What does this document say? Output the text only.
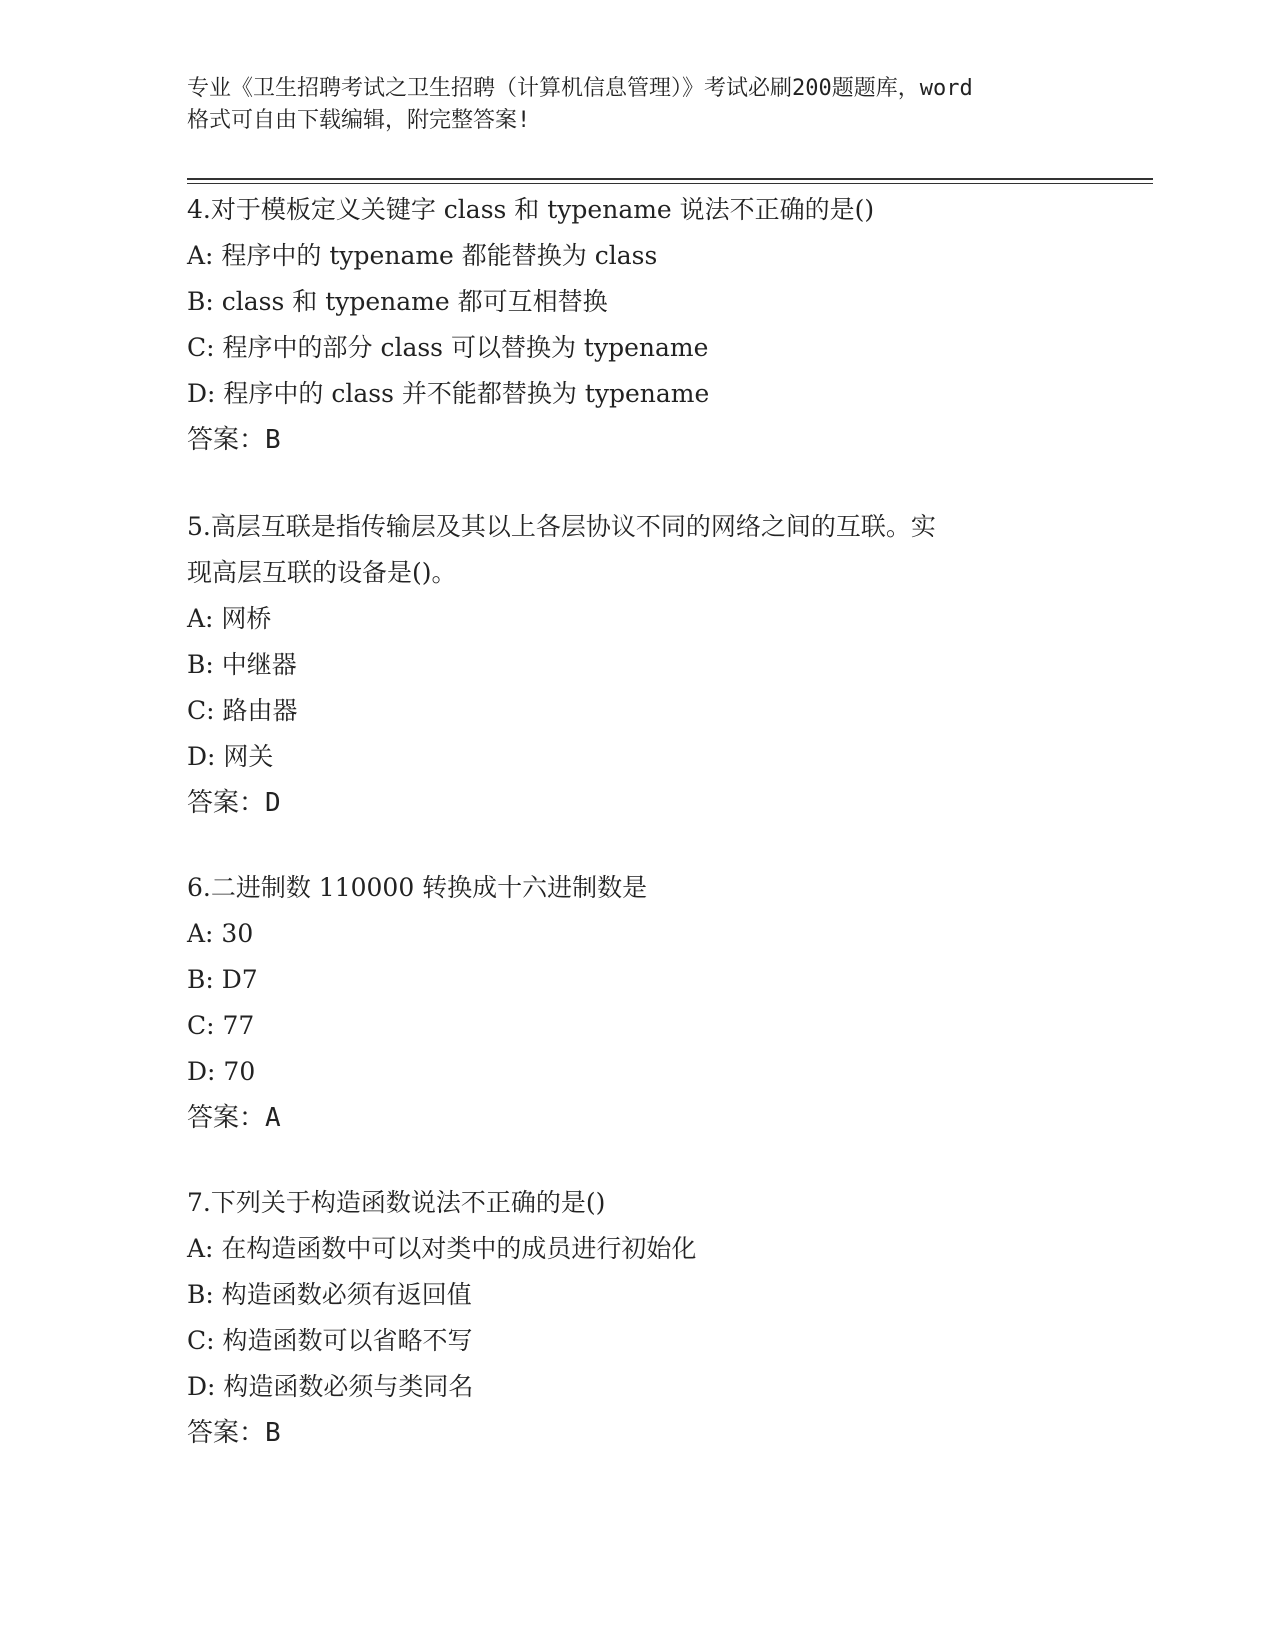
专业《卫生招聘考试之卫生招聘（计算机信息管理）》考试必刷200题题库，word
格式可自由下载编辑，附完整答案!
4.对于模板定义关键字 class 和 typename 说法不正确的是()
A: 程序中的 typename 都能替换为 class
B: class 和 typename 都可互相替换
C: 程序中的部分 class 可以替换为 typename
D: 程序中的 class 并不能都替换为 typename
答案：B
5.高层互联是指传输层及其以上各层协议不同的网络之间的互联。实
现高层互联的设备是()。
A: 网桥
B: 中继器
C: 路由器
D: 网关
答案：D
6.二进制数 110000 转换成十六进制数是
A: 30
B: D7
C: 77
D: 70
答案：A
7.下列关于构造函数说法不正确的是()
A: 在构造函数中可以对类中的成员进行初始化
B: 构造函数必须有返回值
C: 构造函数可以省略不写
D: 构造函数必须与类同名
答案：B
